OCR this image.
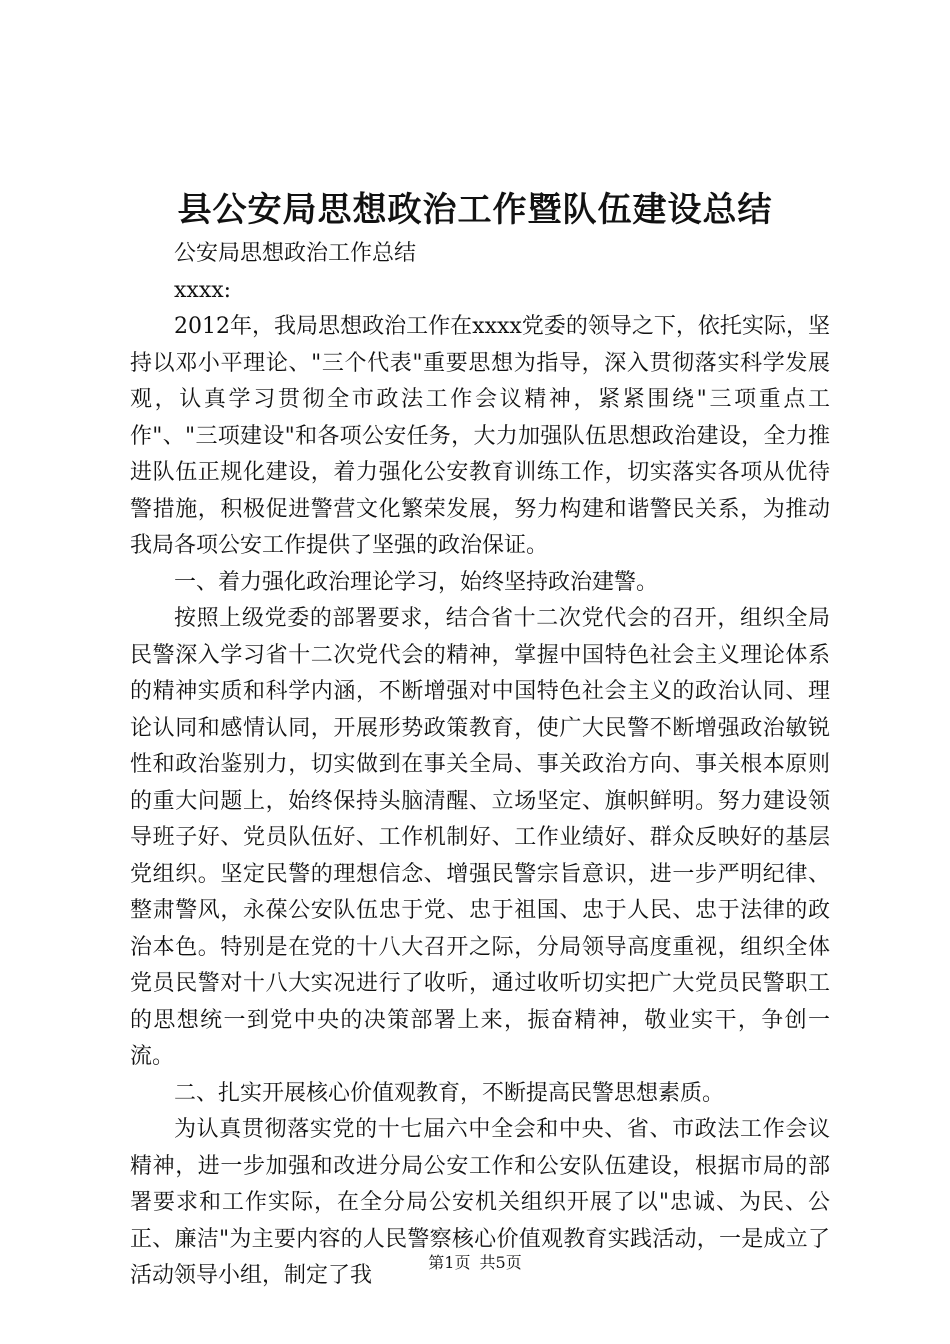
县公安局思想政治工作暨队伍建设总结

公安局思想政治工作总结

xxxx:

2012年，我局思想政治工作在xxxx党委的领导之下，依托实际，坚持以邓小平理论、"三个代表"重要思想为指导，深入贯彻落实科学发展观，认真学习贯彻全市政法工作会议精神，紧紧围绕"三项重点工作"、"三项建设"和各项公安任务，大力加强队伍思想政治建设，全力推进队伍正规化建设，着力强化公安教育训练工作，切实落实各项从优待警措施，积极促进警营文化繁荣发展，努力构建和谐警民关系，为推动我局各项公安工作提供了坚强的政治保证。

一、着力强化政治理论学习，始终坚持政治建警。

按照上级党委的部署要求，结合省十二次党代会的召开，组织全局民警深入学习省十二次党代会的精神，掌握中国特色社会主义理论体系的精神实质和科学内涵，不断增强对中国特色社会主义的政治认同、理论认同和感情认同，开展形势政策教育，使广大民警不断增强政治敏锐性和政治鉴别力，切实做到在事关全局、事关政治方向、事关根本原则的重大问题上，始终保持头脑清醒、立场坚定、旗帜鲜明。努力建设领导班子好、党员队伍好、工作机制好、工作业绩好、群众反映好的基层党组织。坚定民警的理想信念、增强民警宗旨意识，进一步严明纪律、整肃警风，永葆公安队伍忠于党、忠于祖国、忠于人民、忠于法律的政治本色。特别是在党的十八大召开之际，分局领导高度重视，组织全体党员民警对十八大实况进行了收听，通过收听切实把广大党员民警职工的思想统一到党中央的决策部署上来，振奋精神，敬业实干，争创一流。

二、扎实开展核心价值观教育，不断提高民警思想素质。

为认真贯彻落实党的十七届六中全会和中央、省、市政法工作会议精神，进一步加强和改进分局公安工作和公安队伍建设，根据市局的部署要求和工作实际，在全分局公安机关组织开展了以"忠诚、为民、公正、廉洁"为主要内容的人民警察核心价值观教育实践活动，一是成立了活动领导小组，制定了我

第1页 共5页
